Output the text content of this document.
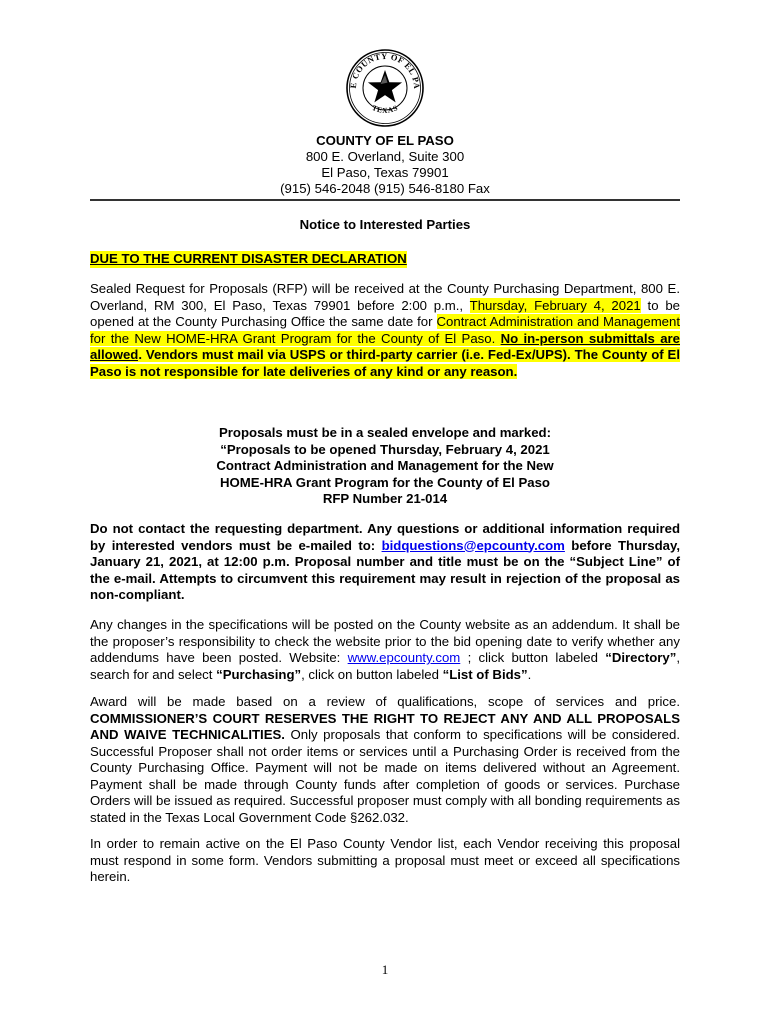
E COUNTY OF EL PA
TEXAS
COUNTY OF EL PASO
800 E. Overland, Suite 300
El Paso, Texas 79901
(915) 546-2048 (915) 546-8180 Fax
Notice to Interested Parties
DUE TO THE CURRENT DISASTER DECLARATION

Sealed Request for Proposals (RFP) will be received at the County Purchasing Department, 800 E. Overland, RM 300, El Paso, Texas 79901 before 2:00 p.m., Thursday, February 4, 2021 to be opened at the County Purchasing Office the same date for Contract Administration and Management for the New HOME-HRA Grant Program for the County of El Paso. No in-person submittals are allowed. Vendors must mail via USPS or third-party carrier (i.e. Fed-Ex/UPS). The County of El Paso is not responsible for late deliveries of any kind or any reason.

Proposals must be in a sealed envelope and marked:
“Proposals to be opened Thursday, February 4, 2021
Contract Administration and Management for the New
HOME-HRA Grant Program for the County of El Paso
RFP Number 21-014

Do not contact the requesting department. Any questions or additional information required by interested vendors must be e-mailed to: bidquestions@epcounty.com before Thursday, January 21, 2021, at 12:00 p.m. Proposal number and title must be on the “Subject Line” of the e-mail. Attempts to circumvent this requirement may result in rejection of the proposal as non-compliant.

Any changes in the specifications will be posted on the County website as an addendum. It shall be the proposer’s responsibility to check the website prior to the bid opening date to verify whether any addendums have been posted. Website: www.epcounty.com ; click button labeled “Directory”, search for and select “Purchasing”, click on button labeled “List of Bids”.

Award will be made based on a review of qualifications, scope of services and price. COMMISSIONER’S COURT RESERVES THE RIGHT TO REJECT ANY AND ALL PROPOSALS AND WAIVE TECHNICALITIES. Only proposals that conform to specifications will be considered. Successful Proposer shall not order items or services until a Purchasing Order is received from the County Purchasing Office. Payment will not be made on items delivered without an Agreement. Payment shall be made through County funds after completion of goods or services. Purchase Orders will be issued as required. Successful proposer must comply with all bonding requirements as stated in the Texas Local Government Code §262.032.

In order to remain active on the El Paso County Vendor list, each Vendor receiving this proposal must respond in some form. Vendors submitting a proposal must meet or exceed all specifications herein.

1
